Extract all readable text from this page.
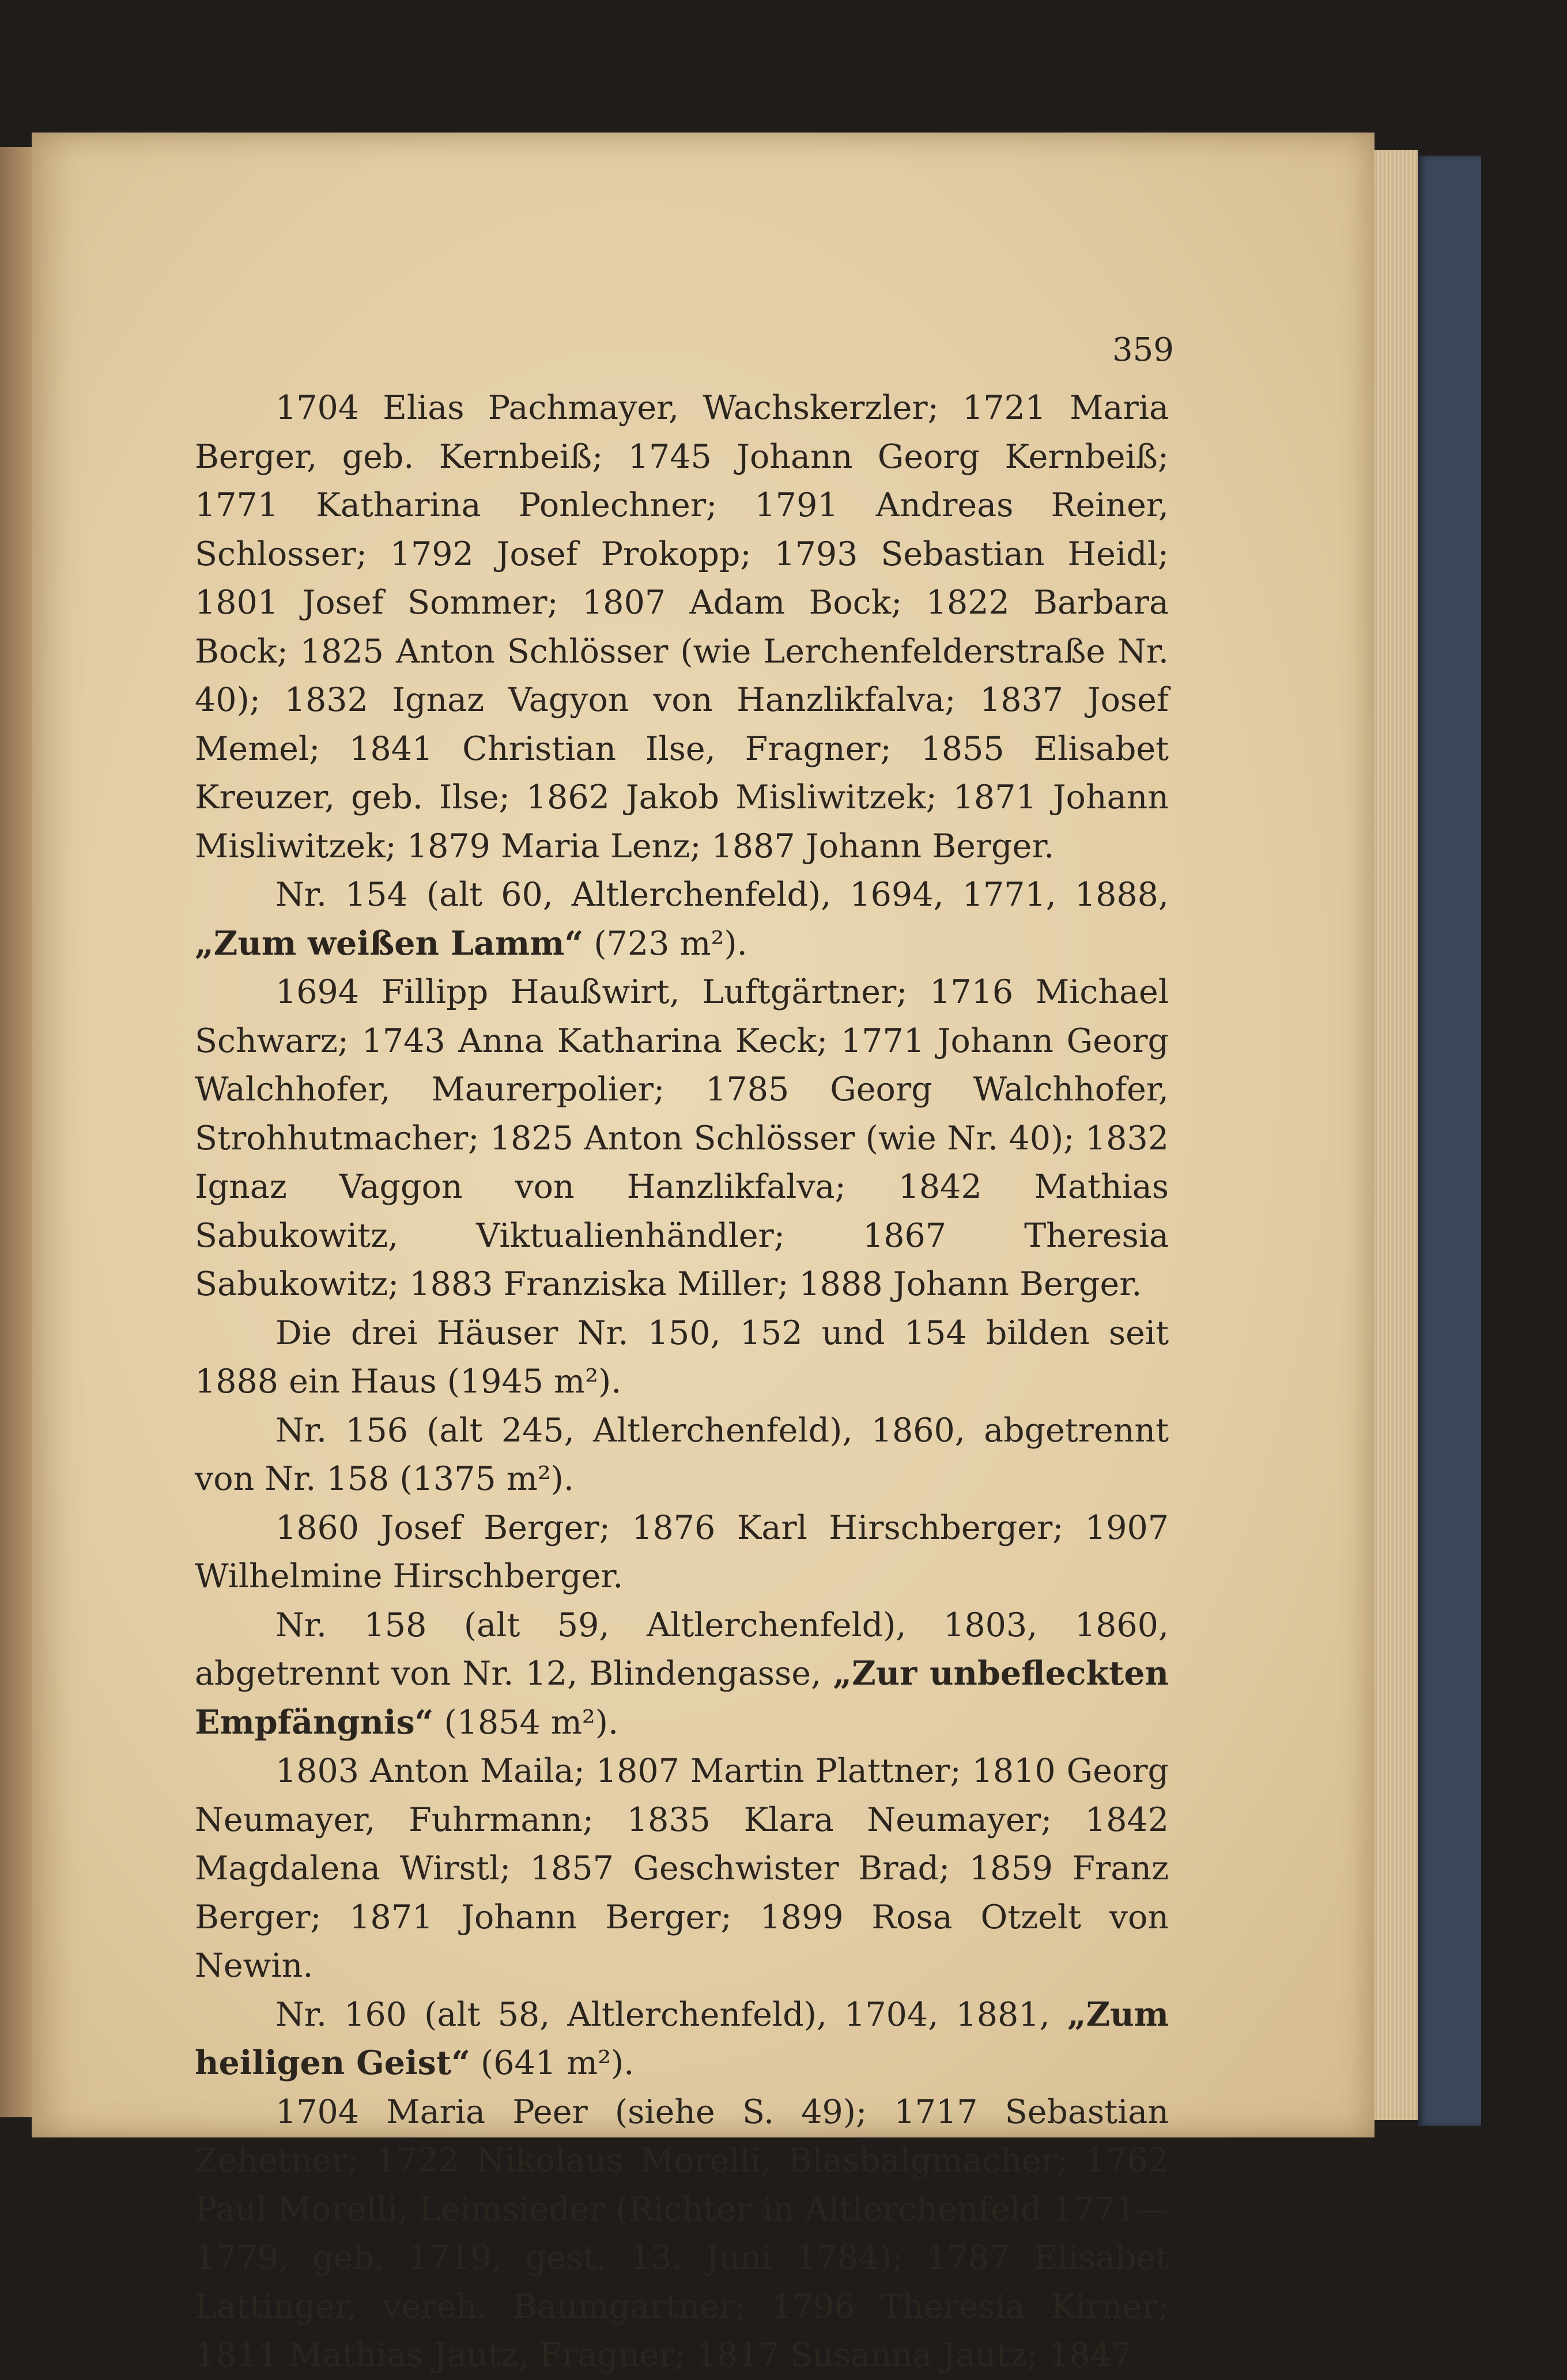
359

1704 Elias Pachmayer, Wachskerzler; 1721 Maria Berger, geb. Kernbeiß; 1745 Johann Georg Kernbeiß; 1771 Katharina Ponlechner; 1791 Andreas Reiner, Schlosser; 1792 Josef Prokopp; 1793 Sebastian Heidl; 1801 Josef Sommer; 1807 Adam Bock; 1822 Barbara Bock; 1825 Anton Schlösser (wie Lerchenfelderstraße Nr. 40); 1832 Ignaz Vagyon von Hanzlikfalva; 1837 Josef Memel; 1841 Christian Ilse, Fragner; 1855 Elisabet Kreuzer, geb. Ilse; 1862 Jakob Misliwitzek; 1871 Johann Misliwitzek; 1879 Maria Lenz; 1887 Johann Berger.

Nr. 154 (alt 60, Altlerchenfeld), 1694, 1771, 1888, „Zum weißen Lamm“ (723 m²).

1694 Fillipp Haußwirt, Luftgärtner; 1716 Michael Schwarz; 1743 Anna Katharina Keck; 1771 Johann Georg Walchhofer, Maurerpolier; 1785 Georg Walchhofer, Strohhutmacher; 1825 Anton Schlösser (wie Nr. 40); 1832 Ignaz Vaggon von Hanzlikfalva; 1842 Mathias Sabukowitz, Viktualienhändler; 1867 Theresia Sabukowitz; 1883 Franziska Miller; 1888 Johann Berger.

Die drei Häuser Nr. 150, 152 und 154 bilden seit 1888 ein Haus (1945 m²).

Nr. 156 (alt 245, Altlerchenfeld), 1860, abgetrennt von Nr. 158 (1375 m²).

1860 Josef Berger; 1876 Karl Hirschberger; 1907 Wilhelmine Hirschberger.

Nr. 158 (alt 59, Altlerchenfeld), 1803, 1860, abgetrennt von Nr. 12, Blindengasse, „Zur unbefleckten Empfängnis“ (1854 m²).

1803 Anton Maila; 1807 Martin Plattner; 1810 Georg Neumayer, Fuhrmann; 1835 Klara Neumayer; 1842 Magdalena Wirstl; 1857 Geschwister Brad; 1859 Franz Berger; 1871 Johann Berger; 1899 Rosa Otzelt von Newin.

Nr. 160 (alt 58, Altlerchenfeld), 1704, 1881, „Zum heiligen Geist“ (641 m²).

1704 Maria Peer (siehe S. 49); 1717 Sebastian Zehetner; 1722 Nikolaus Morelli, Blasbalgmacher; 1762 Paul Morelli, Leimsieder (Richter in Altlerchenfeld 1771—1779, geb. 1719, gest. 13. Juni 1784); 1787 Elisabet Lattinger, vereh. Baumgartner; 1796 Theresia Kirner; 1811 Mathias Jautz, Fragner; 1817 Susanna Jautz; 1847
